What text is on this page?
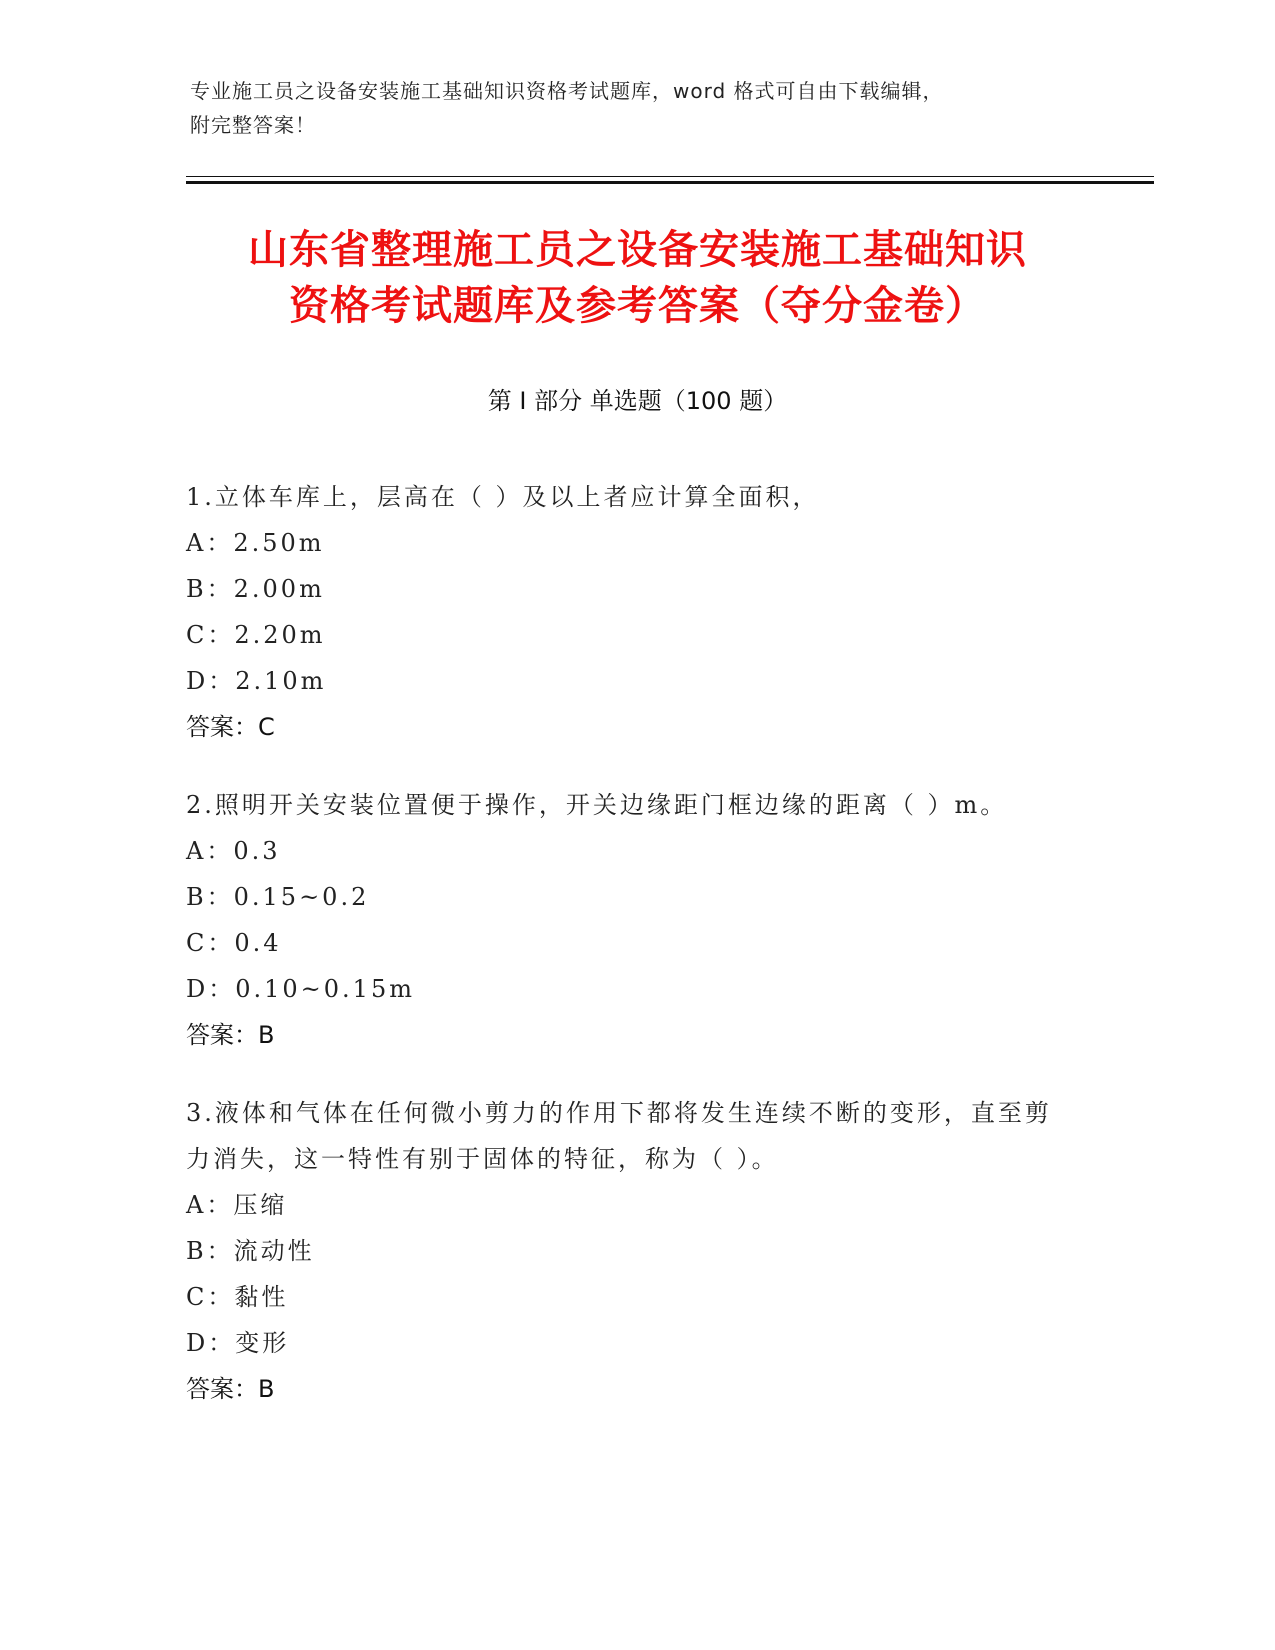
专业施工员之设备安装施工基础知识资格考试题库，word 格式可自由下载编辑，
附完整答案！
山东省整理施工员之设备安装施工基础知识
资格考试题库及参考答案（夺分金卷）
第 I 部分 单选题（100 题）
1.立体车库上，层高在（ ）及以上者应计算全面积，
A：2.50m
B：2.00m
C：2.20m
D：2.10m
答案：C
2.照明开关安装位置便于操作，开关边缘距门框边缘的距离（ ）m。
A：0.3
B：0.15~0.2
C：0.4
D：0.10~0.15m
答案：B
3.液体和气体在任何微小剪力的作用下都将发生连续不断的变形，直至剪力消失，这一特性有别于固体的特征，称为（ ）。
A：压缩
B：流动性
C：黏性
D：变形
答案：B
